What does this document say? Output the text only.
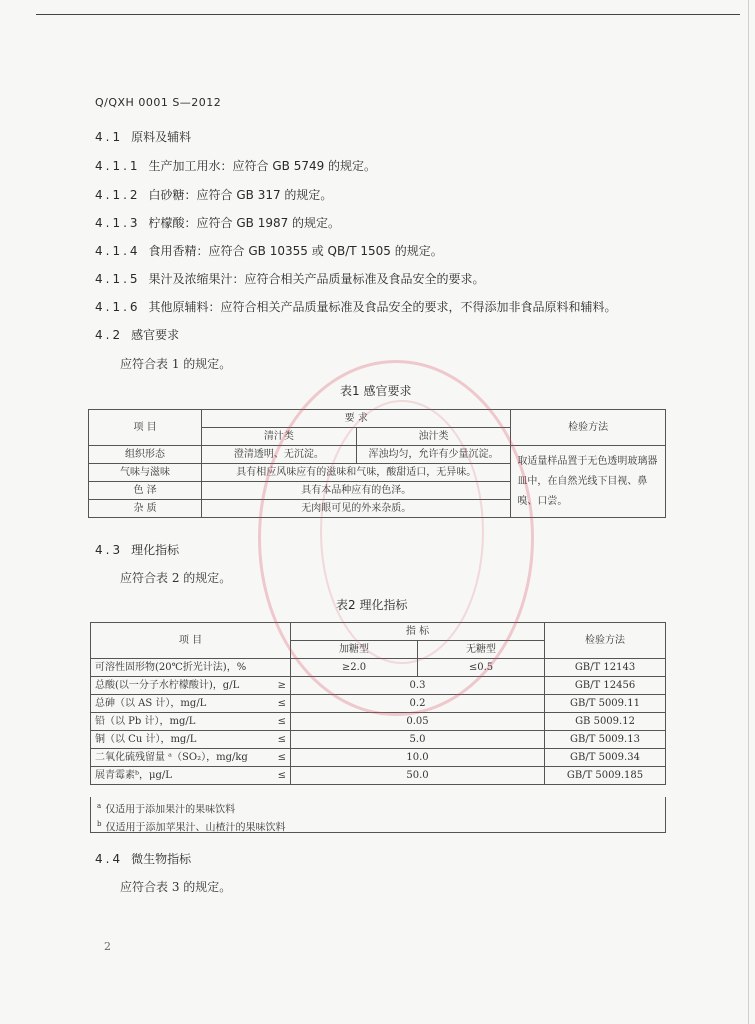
Q/QXH 0001 S—2012
4.1 原料及辅料
4.1.1 生产加工用水：应符合 GB 5749 的规定。
4.1.2 白砂糖：应符合 GB 317 的规定。
4.1.3 柠檬酸：应符合 GB 1987 的规定。
4.1.4 食用香精：应符合 GB 10355 或 QB/T 1505 的规定。
4.1.5 果汁及浓缩果汁：应符合相关产品质量标准及食品安全的要求。
4.1.6 其他原辅料：应符合相关产品质量标准及食品安全的要求，不得添加非食品原料和辅料。
4.2 感官要求
应符合表 1 的规定。
表1 感官要求
项 目	要 求		检验方法
	清汁类	浊汁类	
组织形态	澄清透明、无沉淀。	浑浊均匀，允许有少量沉淀。	取适量样品置于无色透明玻璃器皿中，在自然光线下目视、鼻嗅、口尝。
气味与滋味	具有相应风味应有的滋味和气味，酸甜适口，无异味。		
色 泽	具有本品种应有的色泽。		
杂 质	无肉眼可见的外来杂质。		
4.3 理化指标
应符合表 2 的规定。
表2 理化指标
项 目		指 标		检验方法
		加糖型	无糖型	
可溶性固形物(20℃折光计法)，%		≥2.0	≤0.5	GB/T 12143
总酸(以一分子水柠檬酸计)，g/L	≥	0.3		GB/T 12456
总砷（以 AS 计），mg/L	≤	0.2		GB/T 5009.11
铅（以 Pb 计），mg/L	≤	0.05		GB 5009.12
铜（以 Cu 计），mg/L	≤	5.0		GB/T 5009.13
二氧化硫残留量 ᵃ（SO₂），mg/kg	≤	10.0		GB/T 5009.34
展青霉素ᵇ，μg/L	≤	50.0		GB/T 5009.185
$^a$ 仅适用于添加果汁的果味饮料
$^b$ 仅适用于添加苹果汁、山楂汁的果味饮料
4.4 微生物指标
应符合表 3 的规定。
2
